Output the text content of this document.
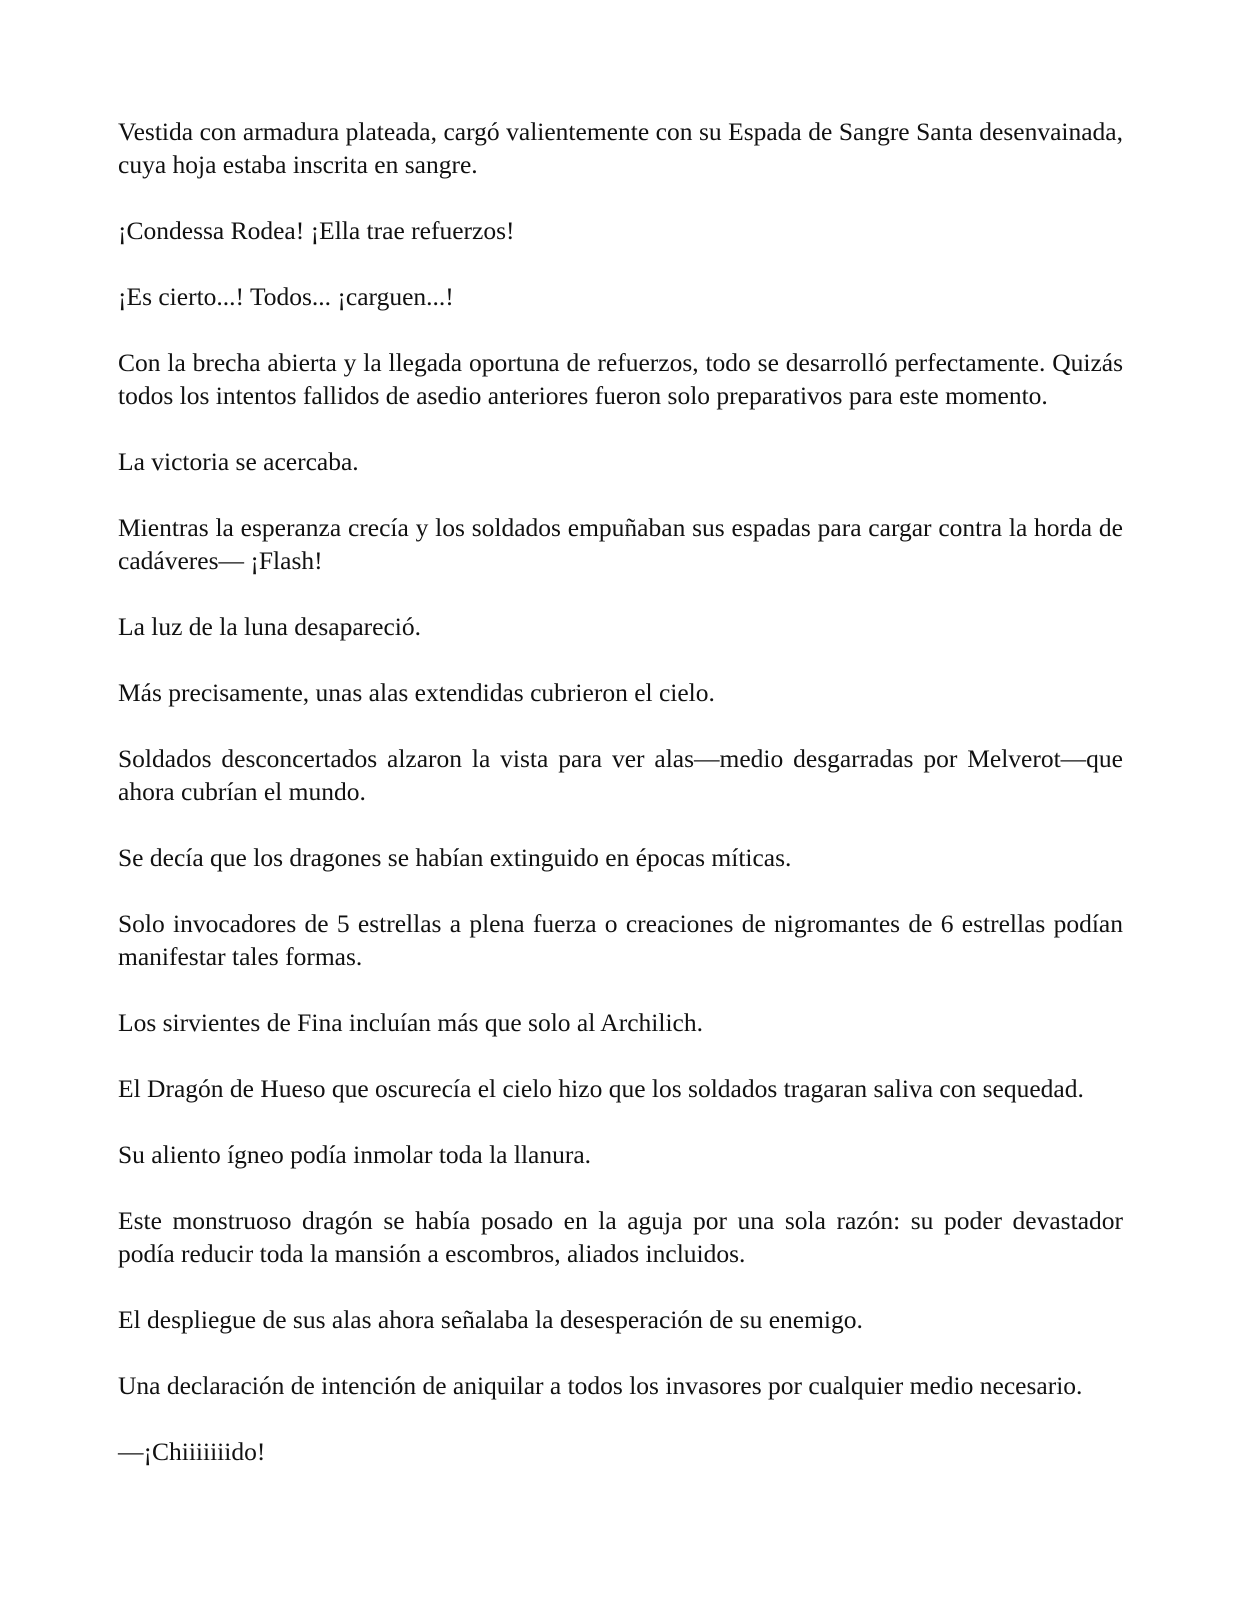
Vestida con armadura plateada, cargó valientemente con su Espada de Sangre Santa desenvainada, cuya hoja estaba inscrita en sangre.

¡Condessa Rodea! ¡Ella trae refuerzos!

¡Es cierto...! Todos... ¡carguen...!

Con la brecha abierta y la llegada oportuna de refuerzos, todo se desarrolló perfectamente. Quizás todos los intentos fallidos de asedio anteriores fueron solo preparativos para este momento.

La victoria se acercaba.

Mientras la esperanza crecía y los soldados empuñaban sus espadas para cargar contra la horda de cadáveres— ¡Flash!

La luz de la luna desapareció.

Más precisamente, unas alas extendidas cubrieron el cielo.

Soldados desconcertados alzaron la vista para ver alas—medio desgarradas por Melverot—que ahora cubrían el mundo.

Se decía que los dragones se habían extinguido en épocas míticas.

Solo invocadores de 5 estrellas a plena fuerza o creaciones de nigromantes de 6 estrellas podían manifestar tales formas.

Los sirvientes de Fina incluían más que solo al Archilich.

El Dragón de Hueso que oscurecía el cielo hizo que los soldados tragaran saliva con sequedad.

Su aliento ígneo podía inmolar toda la llanura.

Este monstruoso dragón se había posado en la aguja por una sola razón: su poder devastador podía reducir toda la mansión a escombros, aliados incluidos.

El despliegue de sus alas ahora señalaba la desesperación de su enemigo.

Una declaración de intención de aniquilar a todos los invasores por cualquier medio necesario.

—¡Chiiiiiiido!
